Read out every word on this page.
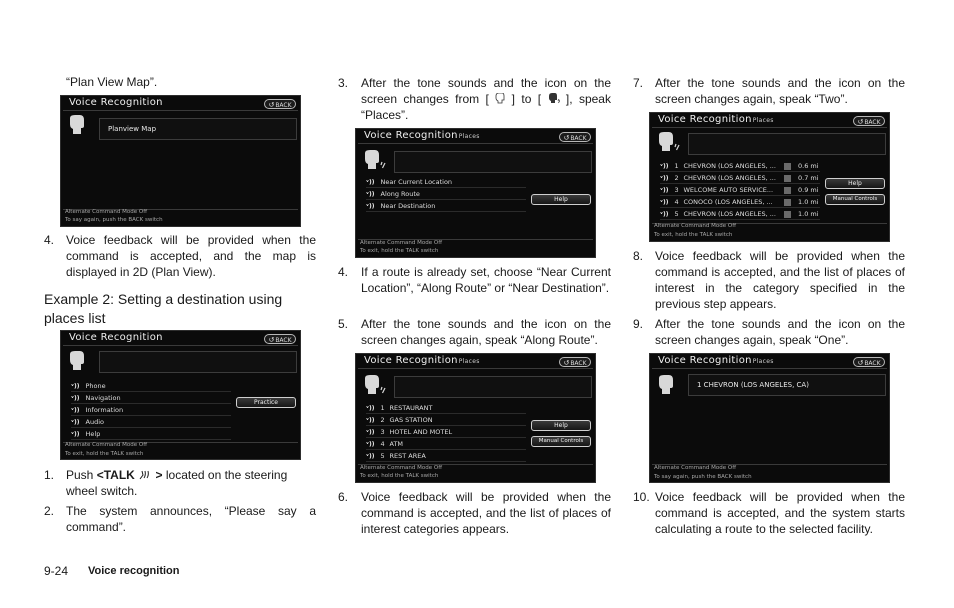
“Plan View Map”.
Voice Recognition	↺BACK
Planview Map
Alternate Command Mode Off
To say again, push the BACK switch
4. Voice feedback will be provided when the command is accepted, and the map is displayed in 2D (Plan View).
Example 2: Setting a destination using places list
Voice Recognition	↺BACK
ᵛ)) Phone
ᵛ)) Navigation
ᵛ)) Information
ᵛ)) Audio
ᵛ)) Help
Practice
Alternate Command Mode Off
To exit, hold the TALK switch
1. Push <TALK > located on the steering wheel switch.
2. The system announces, “Please say a command”.
3. After the tone sounds and the icon on the screen changes from [ ] to [ ], speak “Places”.
Voice RecognitionPlaces	↺BACK
ᵛ)) Near Current Location
ᵛ)) Along Route
ᵛ)) Near Destination
Help
Alternate Command Mode Off
To exit, hold the TALK switch
4. If a route is already set, choose “Near Current Location”, “Along Route” or “Near Destination”.
5. After the tone sounds and the icon on the screen changes again, speak “Along Route”.
Voice RecognitionPlaces	↺BACK
ᵛ)) 1 RESTAURANT
ᵛ)) 2 GAS STATION
ᵛ)) 3 HOTEL AND MOTEL
ᵛ)) 4 ATM
ᵛ)) 5 REST AREA
Help
Manual Controls
Alternate Command Mode Off
To exit, hold the TALK switch
6. Voice feedback will be provided when the command is accepted, and the list of places of interest categories appears.
7. After the tone sounds and the icon on the screen changes again, speak “Two”.
Voice RecognitionPlaces	↺BACK
ᵛ)) 1 CHEVRON (LOS ANGELES, ...	0.6 mi
ᵛ)) 2 CHEVRON (LOS ANGELES, ...	0.7 mi
ᵛ)) 3 WELCOME AUTO SERVICE...	0.9 mi
ᵛ)) 4 CONOCO (LOS ANGELES, ...	1.0 mi
ᵛ)) 5 CHEVRON (LOS ANGELES, ...	1.0 mi
Help
Manual Controls
Alternate Command Mode Off
To exit, hold the TALK switch
8. Voice feedback will be provided when the command is accepted, and the list of places of interest in the category specified in the previous step appears.
9. After the tone sounds and the icon on the screen changes again, speak “One”.
Voice RecognitionPlaces	↺BACK
1 CHEVRON (LOS ANGELES, CA)
Alternate Command Mode Off
To say again, push the BACK switch
10. Voice feedback will be provided when the command is accepted, and the system starts calculating a route to the selected facility.
9-24 Voice recognition
